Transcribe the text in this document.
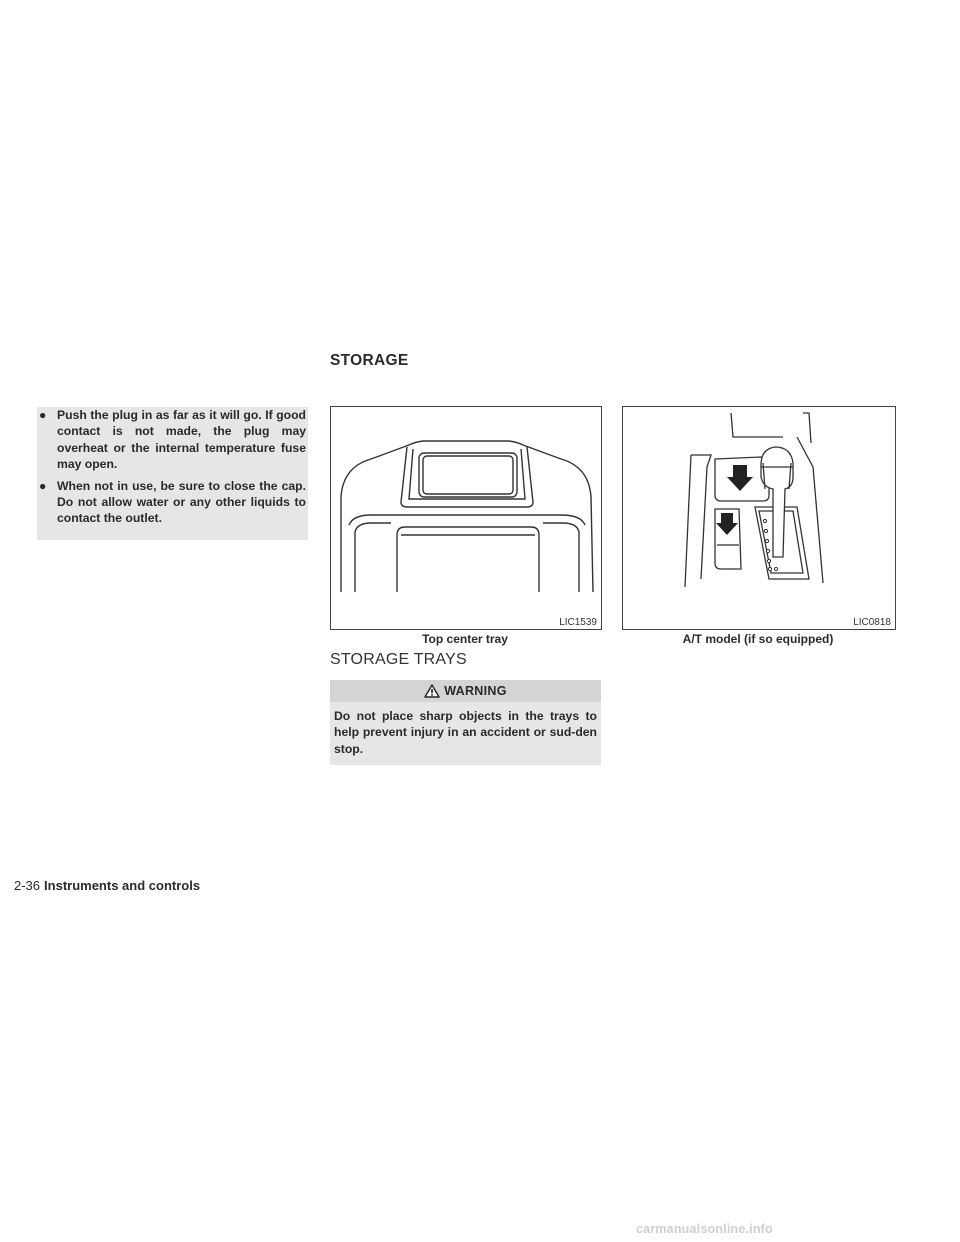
● Push the plug in as far as it will go. If good contact is not made, the plug may overheat or the internal temperature fuse may open.
● When not in use, be sure to close the cap. Do not allow water or any other liquids to contact the outlet.
STORAGE
LIC1539
Top center tray
LIC0818
A/T model (if so equipped)
STORAGE TRAYS
WARNING

Do not place sharp objects in the trays to help prevent injury in an accident or sud-den stop.

2-36 Instruments and controls
carmanualsonline.info
